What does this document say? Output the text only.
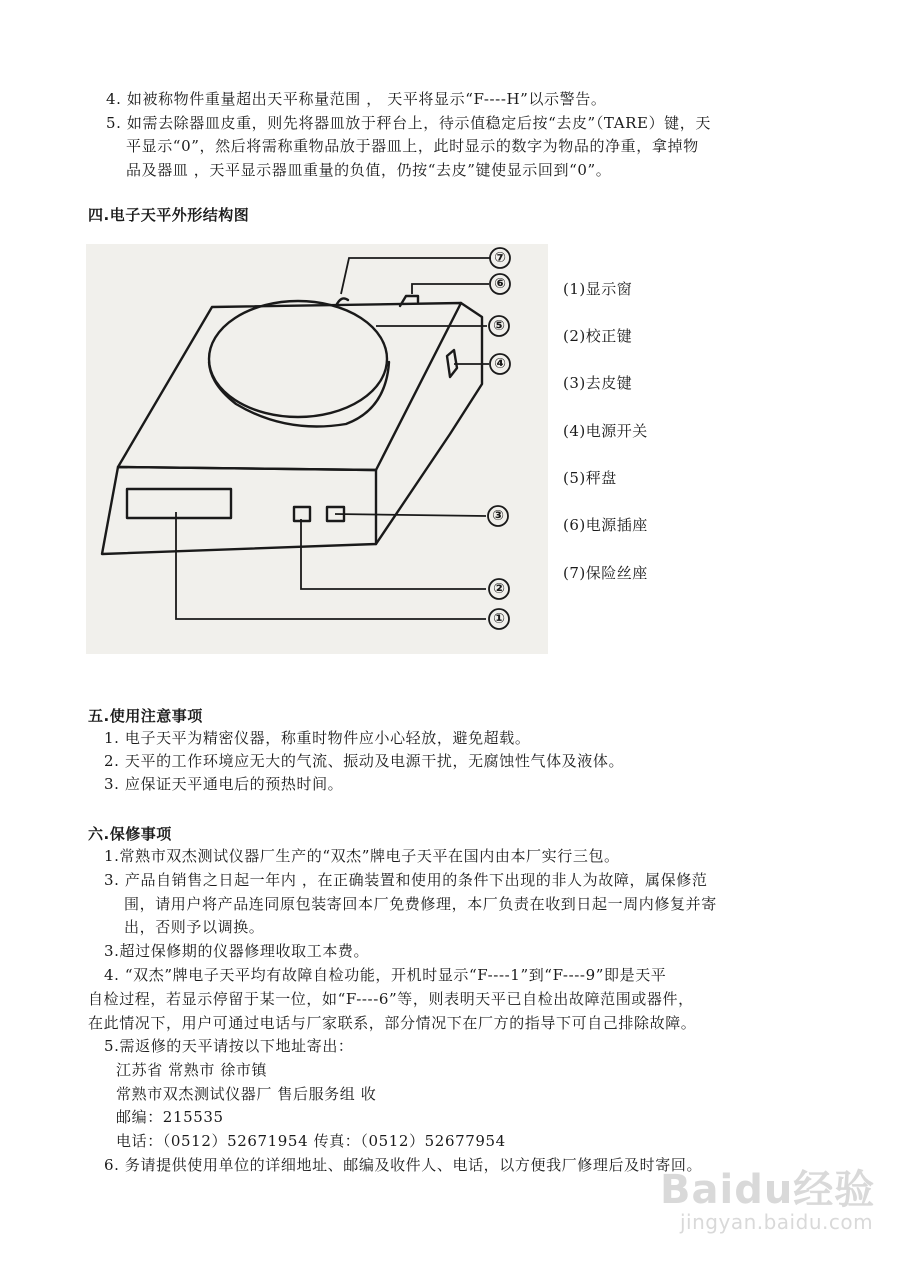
4. 如被称物件重量超出天平称量范围 ， 天平将显示“F----H”以示警告。
5. 如需去除器皿皮重，则先将器皿放于秤台上，待示值稳定后按“去皮”（TARE）键，天
平显示“0”，然后将需称重物品放于器皿上，此时显示的数字为物品的净重，拿掉物
品及器皿 ，天平显示器皿重量的负值，仍按“去皮”键使显示回到“0”。
四.电子天平外形结构图
⑦
⑥
⑤
④
③
②
①
(1)显示窗
(2)校正键
(3)去皮键
(4)电源开关
(5)秤盘
(6)电源插座
(7)保险丝座
五.使用注意事项
1. 电子天平为精密仪器，称重时物件应小心轻放，避免超载。
2. 天平的工作环境应无大的气流、振动及电源干扰，无腐蚀性气体及液体。
3. 应保证天平通电后的预热时间。
六.保修事项
1.常熟市双杰测试仪器厂生产的“双杰”牌电子天平在国内由本厂实行三包。
3. 产品自销售之日起一年内 ，在正确装置和使用的条件下出现的非人为故障，属保修范
围，请用户将产品连同原包装寄回本厂免费修理，本厂负责在收到日起一周内修复并寄
出，否则予以调换。
3.超过保修期的仪器修理收取工本费。
4. “双杰”牌电子天平均有故障自检功能，开机时显示“F----1”到“F----9”即是天平
自检过程，若显示停留于某一位，如“F----6”等，则表明天平已自检出故障范围或器件，
在此情况下，用户可通过电话与厂家联系，部分情况下在厂方的指导下可自己排除故障。
5.需返修的天平请按以下地址寄出：
江苏省 常熟市 徐市镇
常熟市双杰测试仪器厂 售后服务组 收
邮编：215535
电话：（0512）52671954 传真：（0512）52677954
6. 务请提供使用单位的详细地址、邮编及收件人、电话，以方便我厂修理后及时寄回。
Baidu经验
jingyan.baidu.com
